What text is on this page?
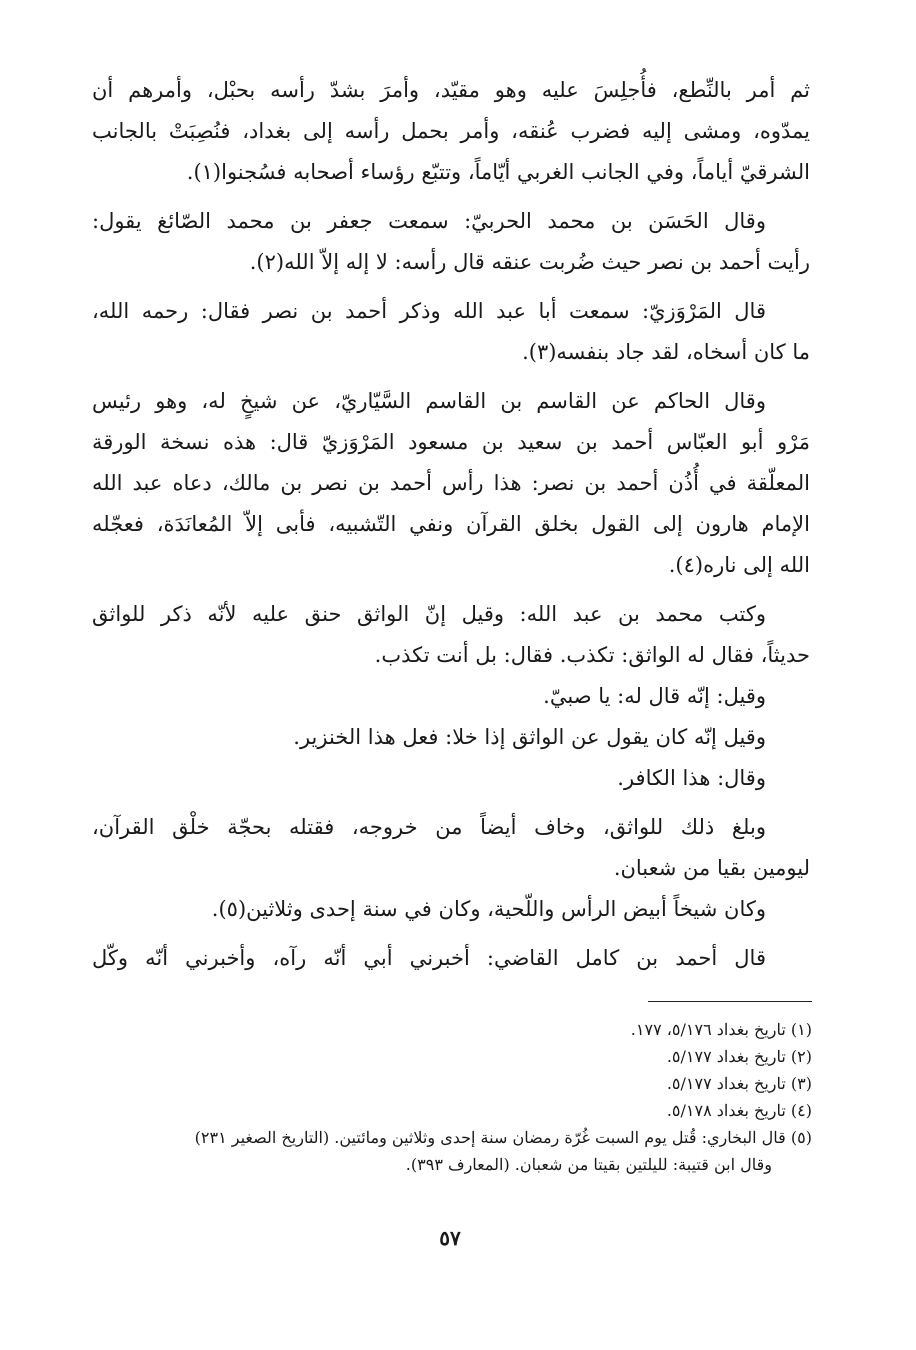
ثم أمر بالنِّطع، فأُجلِسَ عليه وهو مقيّد، وأمرَ بشدّ رأسه بحبْل، وأمرهم أن
يمدّوه، ومشى إليه فضرب عُنقه، وأمر بحمل رأسه إلى بغداد، فنُصِبَتْ بالجانب
الشرقيّ أياماً، وفي الجانب الغربي أيّاماً، وتتبّع رؤساء أصحابه فسُجنوا(١).
وقال الحَسَن بن محمد الحربيّ: سمعت جعفر بن محمد الصّائغ يقول:
رأيت أحمد بن نصر حيث ضُربت عنقه قال رأسه: لا إله إلاّ الله(٢).
قال المَرْوَزيّ: سمعت أبا عبد الله وذكر أحمد بن نصر فقال: رحمه الله،
ما كان أسخاه، لقد جاد بنفسه(٣).
وقال الحاكم عن القاسم بن القاسم السَّيّاريّ، عن شيخٍ له، وهو رئيس
مَرْو أبو العبّاس أحمد بن سعيد بن مسعود المَرْوَزيّ قال: هذه نسخة الورقة
المعلّقة في أُذُن أحمد بن نصر: هذا رأس أحمد بن نصر بن مالك، دعاه عبد الله
الإمام هارون إلى القول بخلق القرآن ونفي التّشبيه، فأبى إلاّ المُعانَدَة، فعجّله
الله إلى ناره(٤).
وكتب محمد بن عبد الله: وقيل إنّ الواثق حنق عليه لأنّه ذكر للواثق
حديثاً، فقال له الواثق: تكذب. فقال: بل أنت تكذب.
وقيل: إنّه قال له: يا صبيّ.
وقيل إنّه كان يقول عن الواثق إذا خلا: فعل هذا الخنزير.
وقال: هذا الكافر.
وبلغ ذلك للواثق، وخاف أيضاً من خروجه، فقتله بحجّة خلْق القرآن،
ليومين بقيا من شعبان.
وكان شيخاً أبيض الرأس واللّحية، وكان في سنة إحدى وثلاثين(٥).
قال أحمد بن كامل القاضي: أخبرني أبي أنّه رآه، وأخبرني أنّه وكّل
(١) تاريخ بغداد ٥/١٧٦، ١٧٧.
(٢) تاريخ بغداد ٥/١٧٧.
(٣) تاريخ بغداد ٥/١٧٧.
(٤) تاريخ بغداد ٥/١٧٨.
(٥) قال البخاري: قُتل يوم السبت غُرّة رمضان سنة إحدى وثلاثين ومائتين. (التاريخ الصغير ٢٣١)
وقال ابن قتيبة: لليلتين بقيتا من شعبان. (المعارف ٣٩٣).
٥٧
